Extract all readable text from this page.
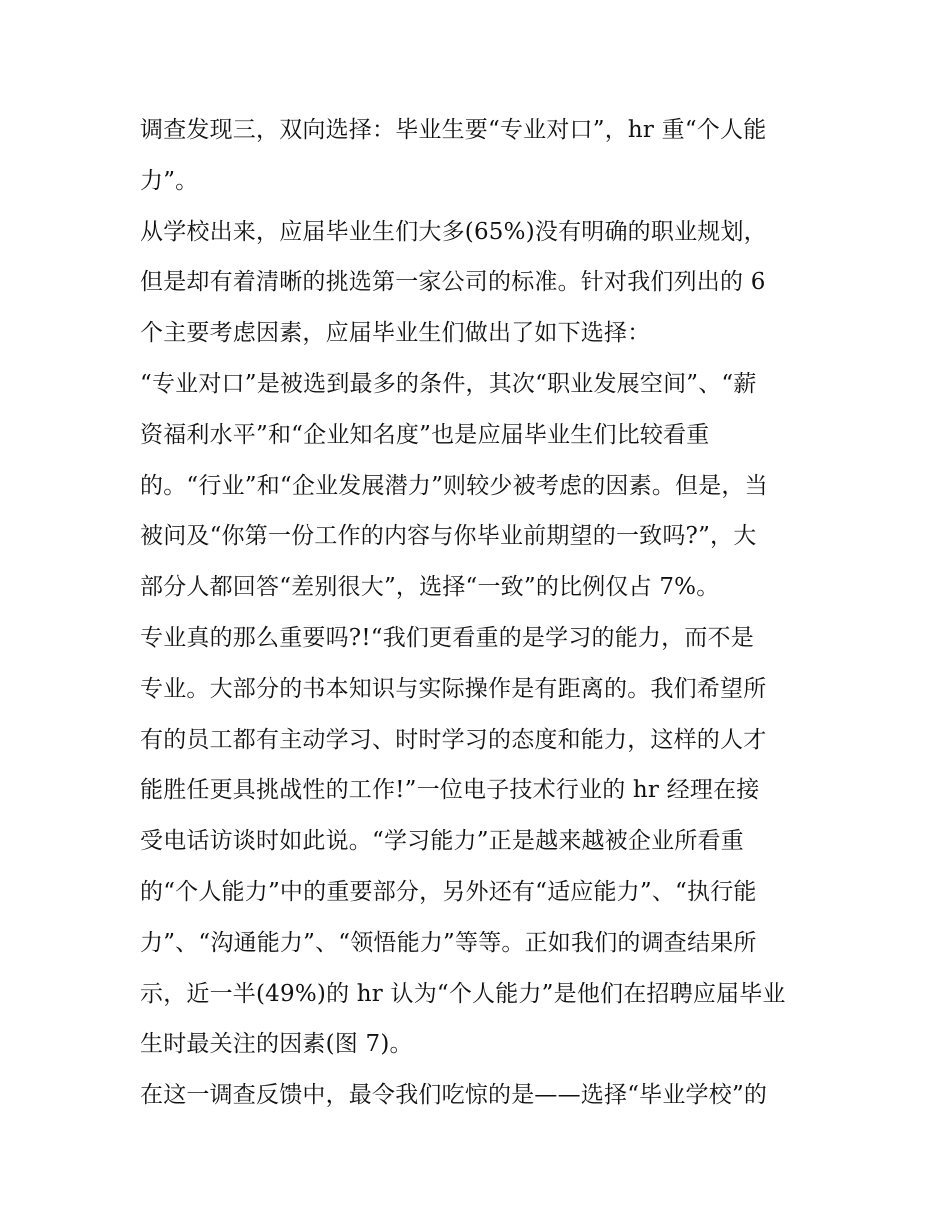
调查发现三，双向选择：毕业生要“专业对口”，hr 重“个人能
力”。
从学校出来，应届毕业生们大多(65%)没有明确的职业规划，
但是却有着清晰的挑选第一家公司的标准。针对我们列出的 6
个主要考虑因素，应届毕业生们做出了如下选择：
“专业对口”是被选到最多的条件，其次“职业发展空间”、“薪
资福利水平”和“企业知名度”也是应届毕业生们比较看重
的。“行业”和“企业发展潜力”则较少被考虑的因素。但是，当
被问及“你第一份工作的内容与你毕业前期望的一致吗?”，大
部分人都回答“差别很大”，选择“一致”的比例仅占 7%。
专业真的那么重要吗?!“我们更看重的是学习的能力，而不是
专业。大部分的书本知识与实际操作是有距离的。我们希望所
有的员工都有主动学习、时时学习的态度和能力，这样的人才
能胜任更具挑战性的工作!”一位电子技术行业的 hr 经理在接
受电话访谈时如此说。“学习能力”正是越来越被企业所看重
的“个人能力”中的重要部分，另外还有“适应能力”、“执行能
力”、“沟通能力”、“领悟能力”等等。正如我们的调查结果所
示，近一半(49%)的 hr 认为“个人能力”是他们在招聘应届毕业
生时最关注的因素(图 7)。
在这一调查反馈中，最令我们吃惊的是——选择“毕业学校”的
